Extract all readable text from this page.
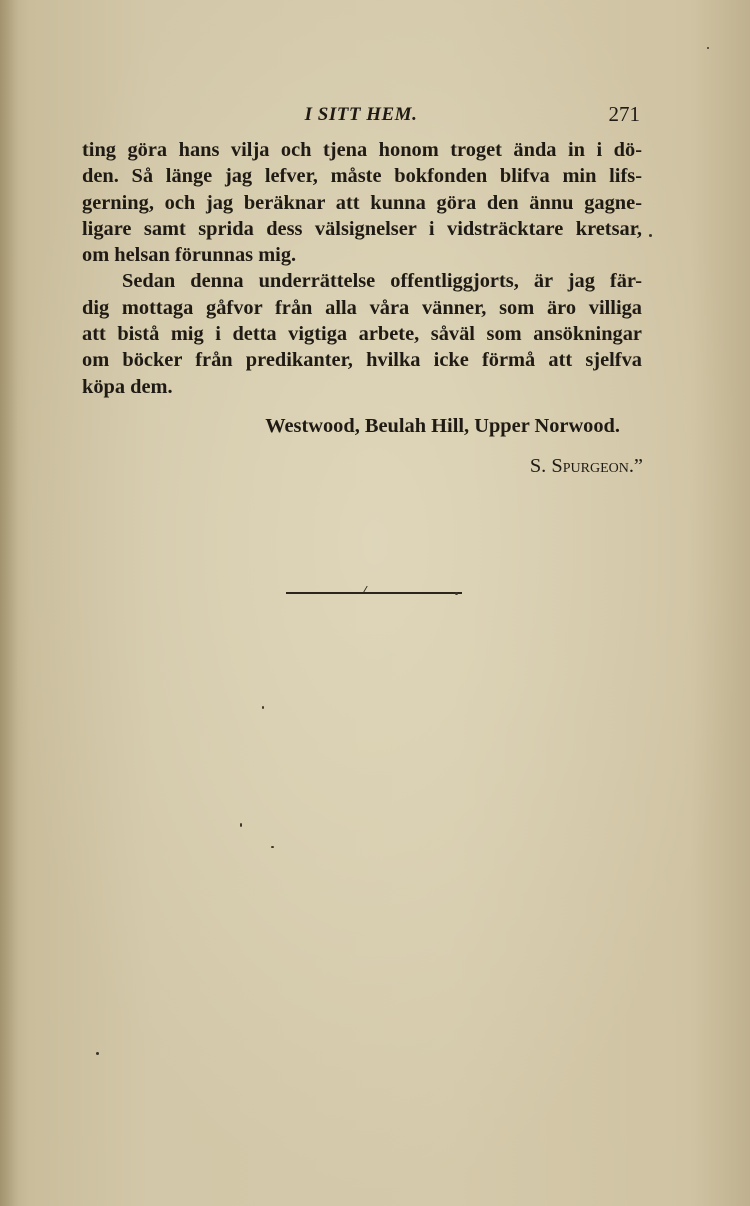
I SITT HEM.	271
ting göra hans vilja och tjena honom troget ända in i dö-
den. Så länge jag lefver, måste bokfonden blifva min lifs-
gerning, och jag beräknar att kunna göra den ännu gagne-
ligare samt sprida dess välsignelser i vidsträcktare kretsar,
om helsan förunnas mig.
Sedan denna underrättelse offentliggjorts, är jag fär-
dig mottaga gåfvor från alla våra vänner, som äro villiga
att bistå mig i detta vigtiga arbete, såväl som ansökningar
om böcker från predikanter, hvilka icke förmå att sjelfva
köpa dem.
Westwood, Beulah Hill, Upper Norwood.
S. Spurgeon.”
